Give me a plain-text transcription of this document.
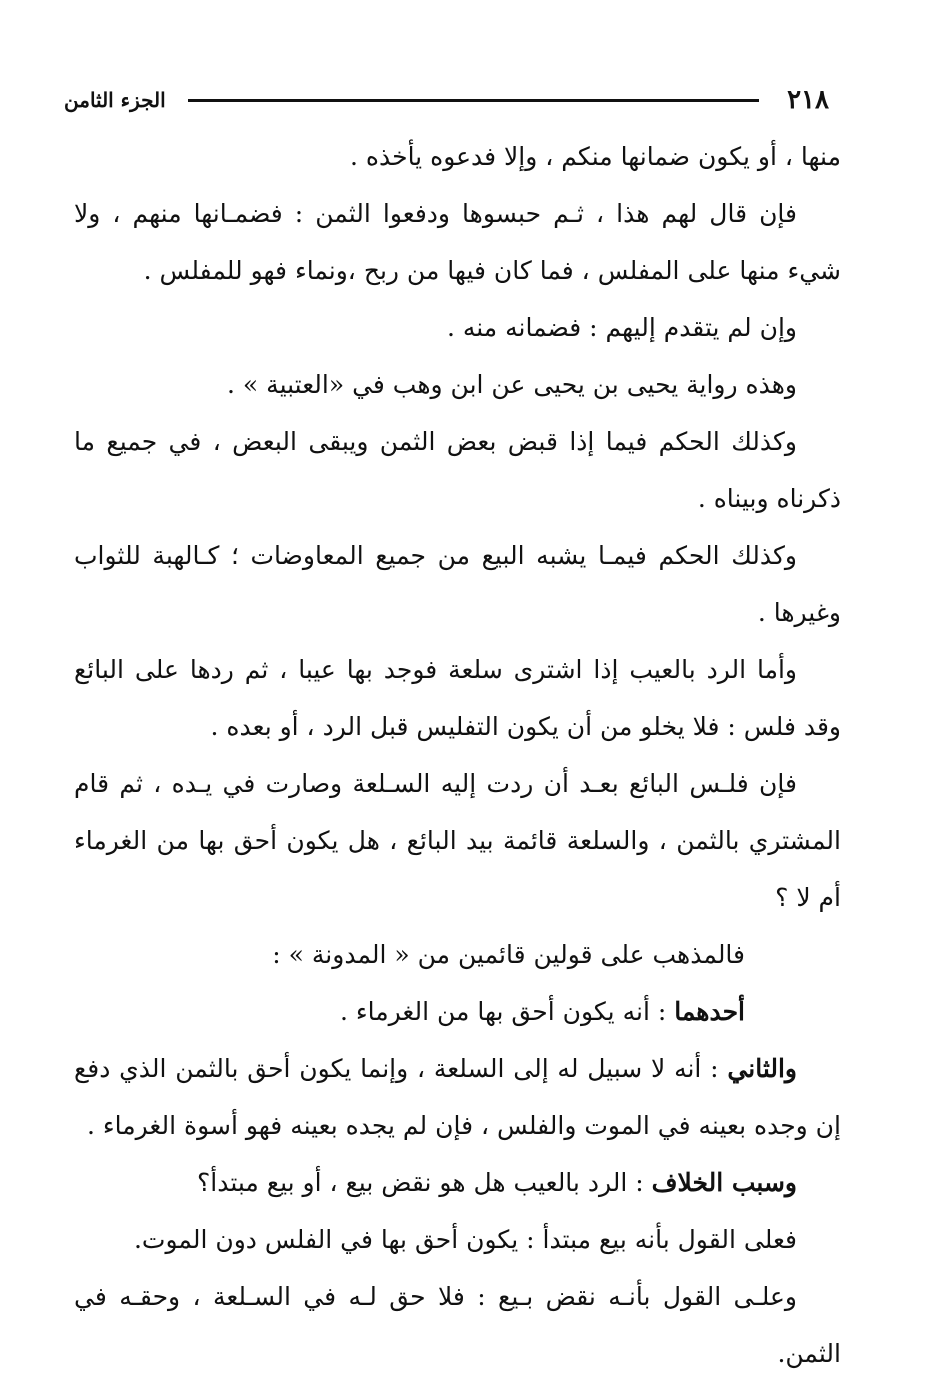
٢١٨
الجزء الثامن

منها ، أو يكون ضمانها منكم ، وإلا فدعوه يأخذه .

فإن قال لهم هذا ، ثـم حبسوها ودفعوا الثمن : فضمـانها منهم ، ولا شيء منها على المفلس ، فما كان فيها من ربح ،ونماء فهو للمفلس .

وإن لم يتقدم إليهم : فضمانه منه .

وهذه رواية يحيى بن يحيى عن ابن وهب في «العتبية » .

وكذلك الحكم فيما إذا قبض بعض الثمن ويبقى البعض ، في جميع ما ذكرناه وبيناه .

وكذلك الحكم فيمـا يشبه البيع من جميع المعاوضات ؛ كـالهبة للثواب وغيرها .

وأما الرد بالعيب إذا اشترى سلعة فوجد بها عيبا ، ثم ردها على البائع وقد فلس : فلا يخلو من أن يكون التفليس قبل الرد ، أو بعده .

فإن فلـس البائع بعـد أن ردت إليه السـلعة وصارت في يـده ، ثم قام المشتري بالثمن ، والسلعة قائمة بيد البائع ، هل يكون أحق بها من الغرماء أم لا ؟

فالمذهب على قولين قائمين من « المدونة » :

أحدهما : أنه يكون أحق بها من الغرماء .

والثاني : أنه لا سبيل له إلى السلعة ، وإنما يكون أحق بالثمن الذي دفع إن وجده بعينه في الموت والفلس ، فإن لم يجده بعينه فهو أسوة الغرماء .

وسبب الخلاف : الرد بالعيب هل هو نقض بيع ، أو بيع مبتدأ؟

فعلى القول بأنه بيع مبتدأ : يكون أحق بها في الفلس دون الموت.

وعلـى القول بأنـه نقض بـيع : فلا حق لـه في السـلعة ، وحقـه في الثمن.
